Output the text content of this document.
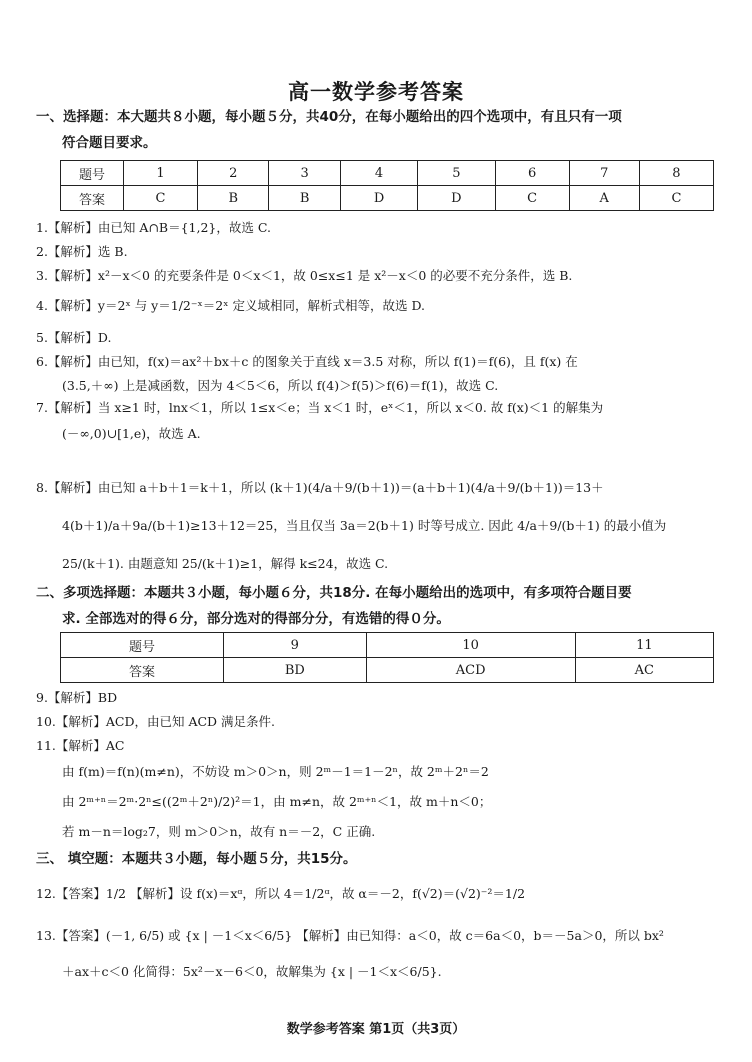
高一数学参考答案
一、选择题：本大题共８小题，每小题５分，共40分，在每小题给出的四个选项中，有且只有一项
符合题目要求。
题号	1	2	3	4	5	6	7	8
答案	C	B	B	D	D	C	A	C
1.【解析】由已知 A∩B＝{1,2}，故选 C.
2.【解析】选 B.
3.【解析】x²－x＜0 的充要条件是 0＜x＜1，故 0≤x≤1 是 x²－x＜0 的必要不充分条件，选 B.
4.【解析】y＝2ˣ 与 y＝1/2⁻ˣ＝2ˣ 定义域相同，解析式相等，故选 D.
5.【解析】D.
6.【解析】由已知，f(x)＝ax²＋bx＋c 的图象关于直线 x＝3.5 对称，所以 f(1)＝f(6)，且 f(x) 在
(3.5,＋∞) 上是减函数，因为 4＜5＜6，所以 f(4)＞f(5)＞f(6)＝f(1)，故选 C.
7.【解析】当 x≥1 时，lnx＜1，所以 1≤x＜e；当 x＜1 时，eˣ＜1，所以 x＜0. 故 f(x)＜1 的解集为
(－∞,0)∪[1,e)，故选 A.
8.【解析】由已知 a＋b＋1＝k＋1，所以 (k＋1)(4/a＋9/(b＋1))＝(a＋b＋1)(4/a＋9/(b＋1))＝13＋
4(b＋1)/a＋9a/(b＋1)≥13＋12＝25，当且仅当 3a＝2(b＋1) 时等号成立. 因此 4/a＋9/(b＋1) 的最小值为
25/(k＋1). 由题意知 25/(k＋1)≥1，解得 k≤24，故选 C.
二、多项选择题：本题共３小题，每小题６分，共18分. 在每小题给出的选项中，有多项符合题目要
求. 全部选对的得６分，部分选对的得部分分，有选错的得０分。
题号	9	10	11
答案	BD	ACD	AC
9.【解析】BD
10.【解析】ACD，由已知 ACD 满足条件.
11.【解析】AC
由 f(m)＝f(n)(m≠n)，不妨设 m＞0＞n，则 2ᵐ－1＝1－2ⁿ，故 2ᵐ＋2ⁿ＝2
由 2ᵐ⁺ⁿ＝2ᵐ·2ⁿ≤((2ᵐ＋2ⁿ)/2)²＝1，由 m≠n，故 2ᵐ⁺ⁿ＜1，故 m＋n＜0；
若 m－n＝log₂7，则 m＞0＞n，故有 n＝－2，C 正确.
三、 填空题：本题共３小题，每小题５分，共15分。
12.【答案】1/2 【解析】设 f(x)＝xᵅ，所以 4＝1/2ᵅ，故 α＝－2，f(√2)＝(√2)⁻²＝1/2
13.【答案】(－1, 6/5) 或 {x | －1＜x＜6/5} 【解析】由已知得：a＜0，故 c＝6a＜0，b＝－5a＞0，所以 bx²
＋ax＋c＜0 化简得：5x²－x－6＜0，故解集为 {x | －1＜x＜6/5}.
数学参考答案 第1页（共3页）
